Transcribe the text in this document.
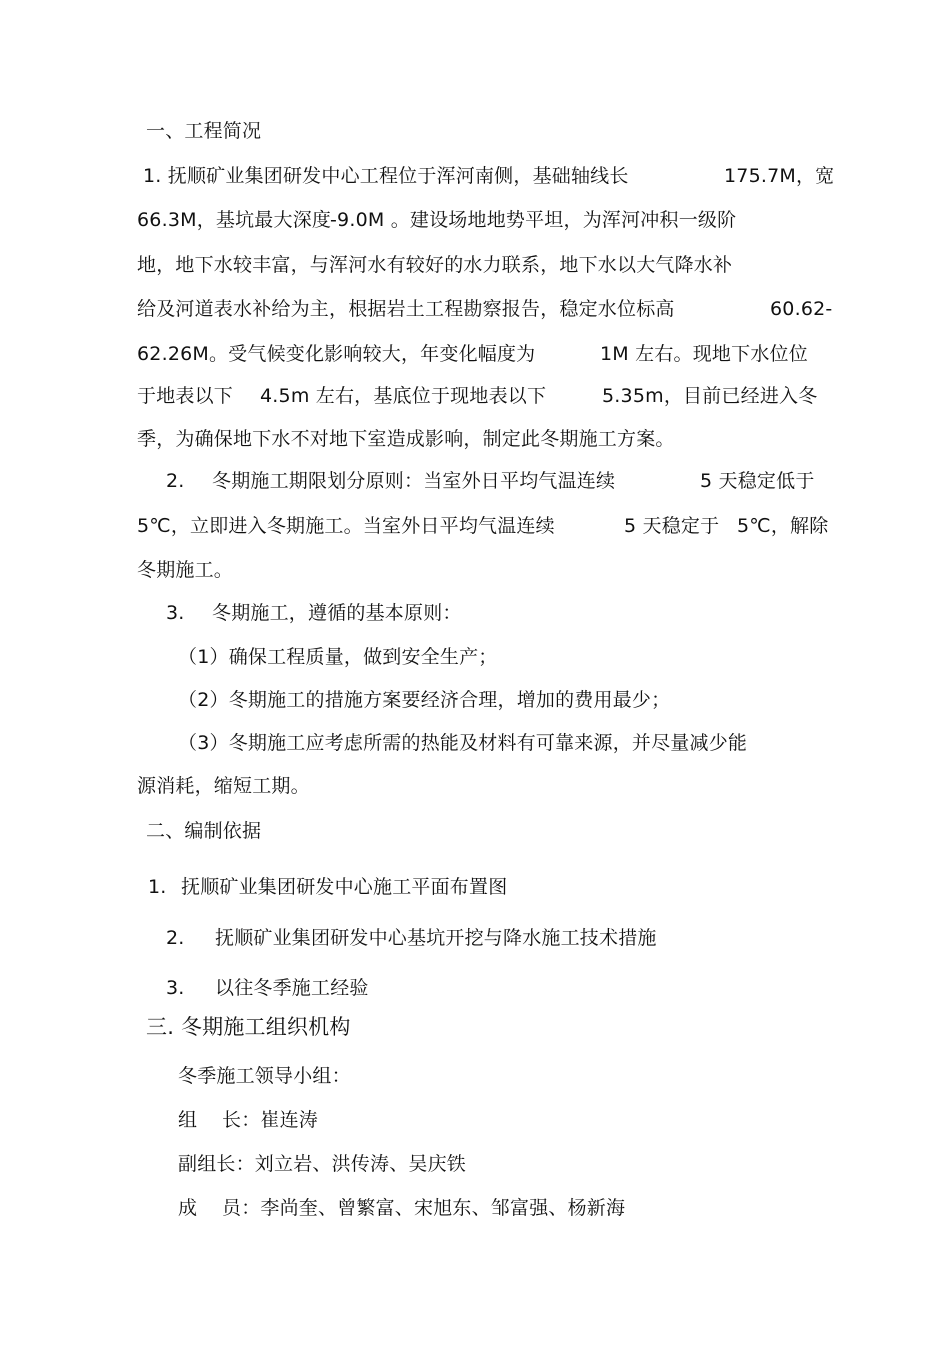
一、工程简况
1. 抚顺矿业集团研发中心工程位于浑河南侧，基础轴线长	175.7M，宽
66.3M，基坑最大深度
-9.0M 。建设场地地势平坦，为浑河冲积一级阶
地，地下水较丰富，与浑河水有较好的水力联系，地下水以大气降水补
给及河道表水补给为主，根据岩土工程勘察报告，稳定水位标高	60.62-
62.26M。受气候变化影响较大，年变化幅度为	1M 左右。现地下水位位
于地表以下 4.5m 左右，基底位于现地表以下	5.35m，目前已经进入冬
季，为确保地下水不对地下室造成影响，制定此冬期施工方案。
2. 冬期施工期限划分原则：当室外日平均气温连续	5 天稳定低于
5℃，立即进入冬期施工。当室外日平均气温连续	5 天稳定于 5℃，解除
冬期施工。
3. 冬期施工，遵循的基本原则：
（1）确保工程质量，做到安全生产；
（2）冬期施工的措施方案要经济合理，增加的费用最少；
（3）冬期施工应考虑所需的热能及材料有可靠来源，并尽量减少能
源消耗，缩短工期。
二、编制依据
1. 抚顺矿业集团研发中心施工平面布置图
2. 抚顺矿业集团研发中心基坑开挖与降水施工技术措施
3. 以往冬季施工经验
三. 冬期施工组织机构
冬季施工领导小组：
组 长：崔连涛
副组长：刘立岩、洪传涛、吴庆铁
成 员：李尚奎、曾繁富、宋旭东、邹富强、杨新海
